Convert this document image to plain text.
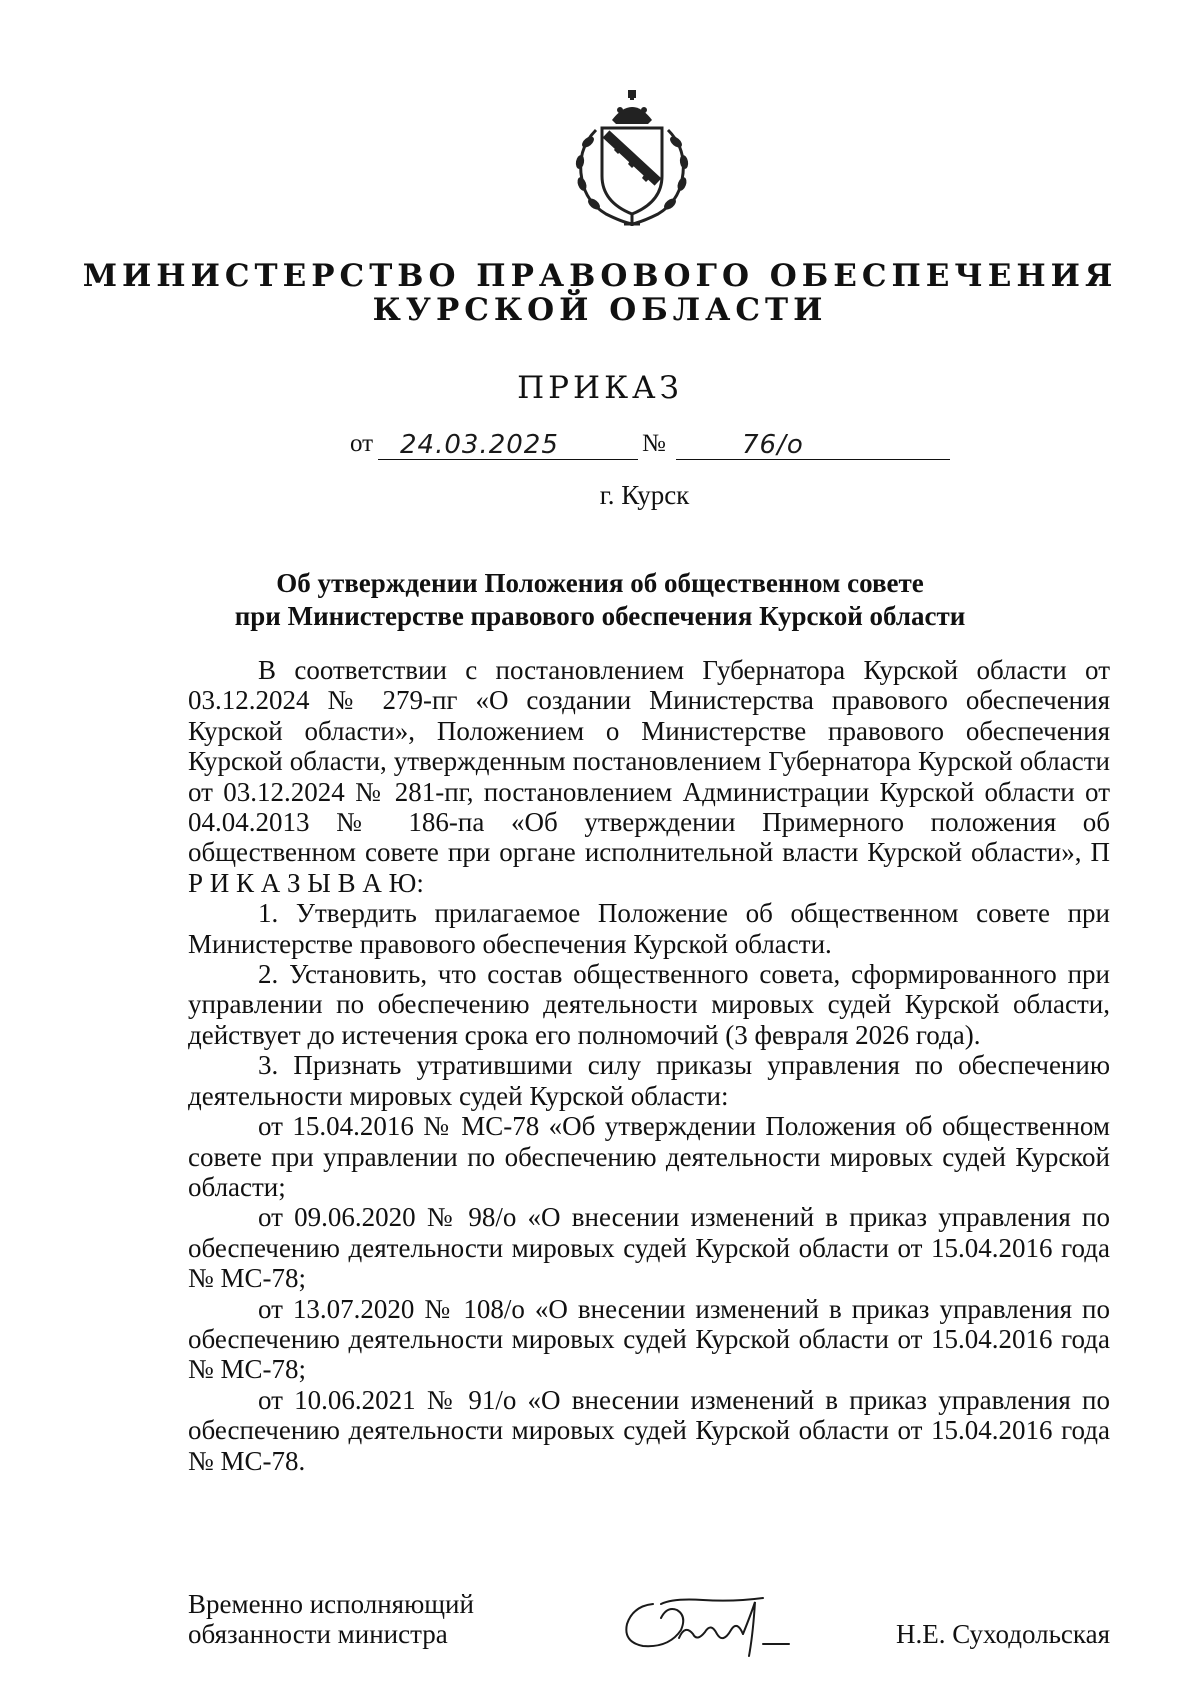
МИНИСТЕРСТВО ПРАВОВОГО ОБЕСПЕЧЕНИЯ
КУРСКОЙ ОБЛАСТИ
ПРИКАЗ
от 24.03.2025	№	76/о
г. Курск
Об утверждении Положения об общественном совете
при Министерстве правового обеспечения Курской области

В соответствии с постановлением Губернатора Курской области от 03.12.2024 № 279-пг «О создании Министерства правового обеспечения Курской области», Положением о Министерстве правового обеспечения Курской области, утвержденным постановлением Губернатора Курской области от 03.12.2024 № 281-пг, постановлением Администрации Курской области от 04.04.2013 № 186-па «Об утверждении Примерного положения об общественном совете при органе исполнительной власти Курской области», П Р И К А З Ы В А Ю:

1. Утвердить прилагаемое Положение об общественном совете при Министерстве правового обеспечения Курской области.

2. Установить, что состав общественного совета, сформированного при управлении по обеспечению деятельности мировых судей Курской области, действует до истечения срока его полномочий (3 февраля 2026 года).

3. Признать утратившими силу приказы управления по обеспечению деятельности мировых судей Курской области:

от 15.04.2016 № МС-78 «Об утверждении Положения об общественном совете при управлении по обеспечению деятельности мировых судей Курской области;

от 09.06.2020 № 98/о «О внесении изменений в приказ управления по обеспечению деятельности мировых судей Курской области от 15.04.2016 года № МС-78;

от 13.07.2020 № 108/о «О внесении изменений в приказ управления по обеспечению деятельности мировых судей Курской области от 15.04.2016 года № МС-78;

от 10.06.2021 № 91/о «О внесении изменений в приказ управления по обеспечению деятельности мировых судей Курской области от 15.04.2016 года № МС-78.

Временно исполняющий
обязанности министра	Н.Е. Суходольская
